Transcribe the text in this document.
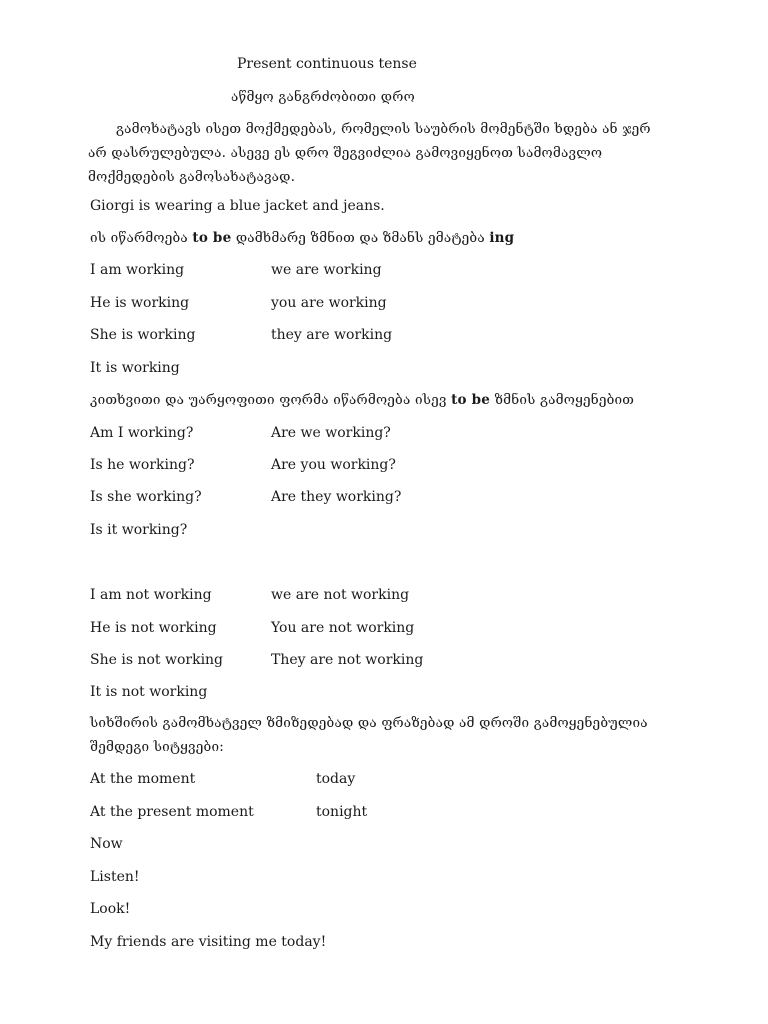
Present continuous tense
აწმყო განგრძობითი დრო
გამოხატავს ისეთ მოქმედებას, რომელის საუბრის მომენტში ხდება ან ჯერ არ დასრულებულა. ასევე ეს დრო შეგვიძლია გამოვიყენოთ სამომავლო მოქმედების გამოსახატავად.
Giorgi is wearing a blue jacket and jeans.
ის იწარმოება to be დამხმარე ზმნით და ზმანს ემატება ing
I am working	we are working
He is working	you are working
She is working	they are working
It is working
კითხვითი და უარყოფითი ფორმა იწარმოება ისევ to be ზმნის გამოყენებით
Am I working?	Are we working?
Is he working?	Are you working?
Is she working?	Are they working?
Is it working?
I am not working	we are not working
He is not working	You are not working
She is not working	They are not working
It is not working
სიხშირის გამომხატველ ზმიზედებად და ფრაზებად ამ დროში გამოყენებულია შემდეგი სიტყვები:
At the moment	today
At the present moment	tonight
Now
Listen!
Look!
My friends are visiting me today!
